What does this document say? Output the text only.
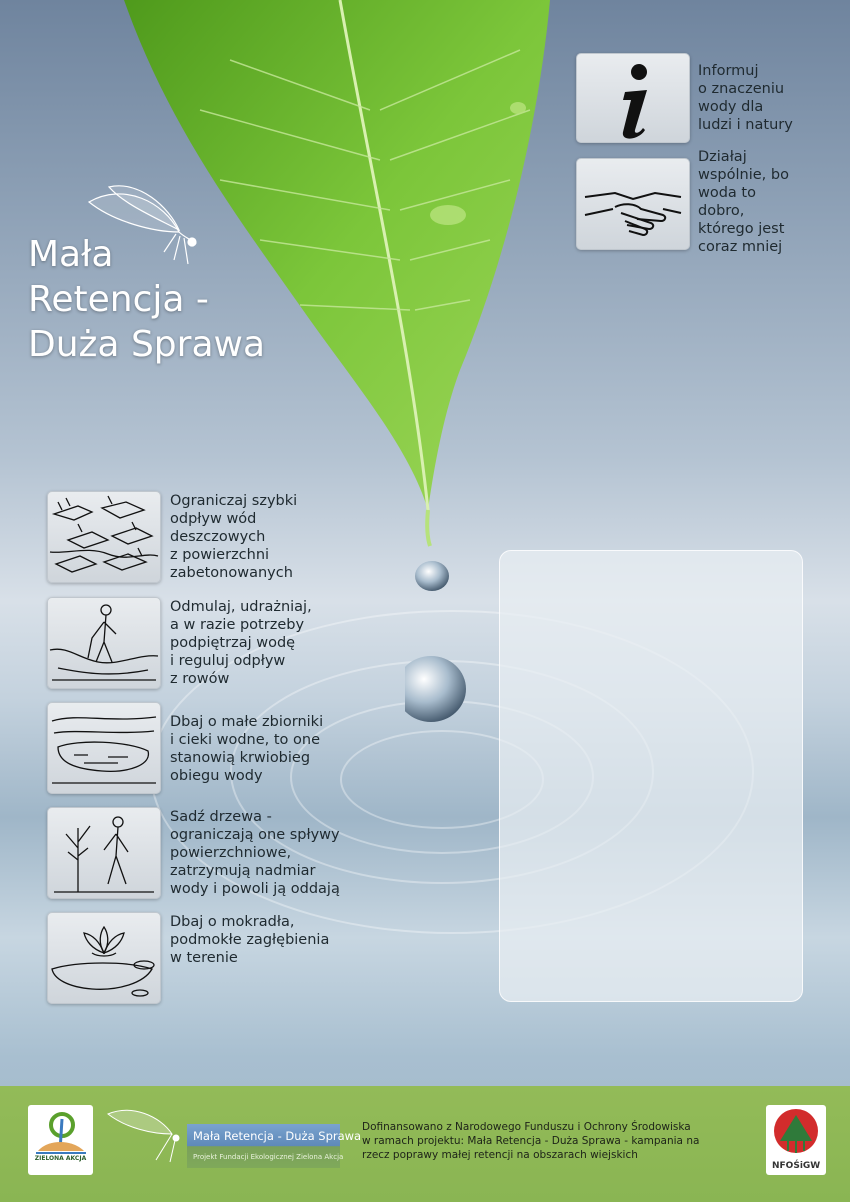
Mała
Retencja -
Duża Sprawa
Informuj
o znaczeniu
wody dla
ludzi i natury
Działaj
wspólnie, bo
woda to
dobro,
którego jest
coraz mniej
Ograniczaj szybki
odpływ wód
deszczowych
z powierzchni
zabetonowanych
Odmulaj, udrażniaj,
a w razie potrzeby
podpiętrzaj wodę
i reguluj odpływ
z rowów
Dbaj o małe zbiorniki
i cieki wodne, to one
stanowią krwiobieg
obiegu wody
Sadź drzewa -
ograniczają one spływy
powierzchniowe,
zatrzymują nadmiar
wody i powoli ją oddają
Dbaj o mokradła,
podmokłe zagłębienia
w terenie
ZIELONA AKCJA
Mała Retencja - Duża Sprawa
Projekt Fundacji Ekologicznej Zielona Akcja
Dofinansowano z Narodowego Funduszu i Ochrony Środowiska
w ramach projektu: Mała Retencja - Duża Sprawa - kampania na
rzecz poprawy małej retencji na obszarach wiejskich
NFOŚiGW
